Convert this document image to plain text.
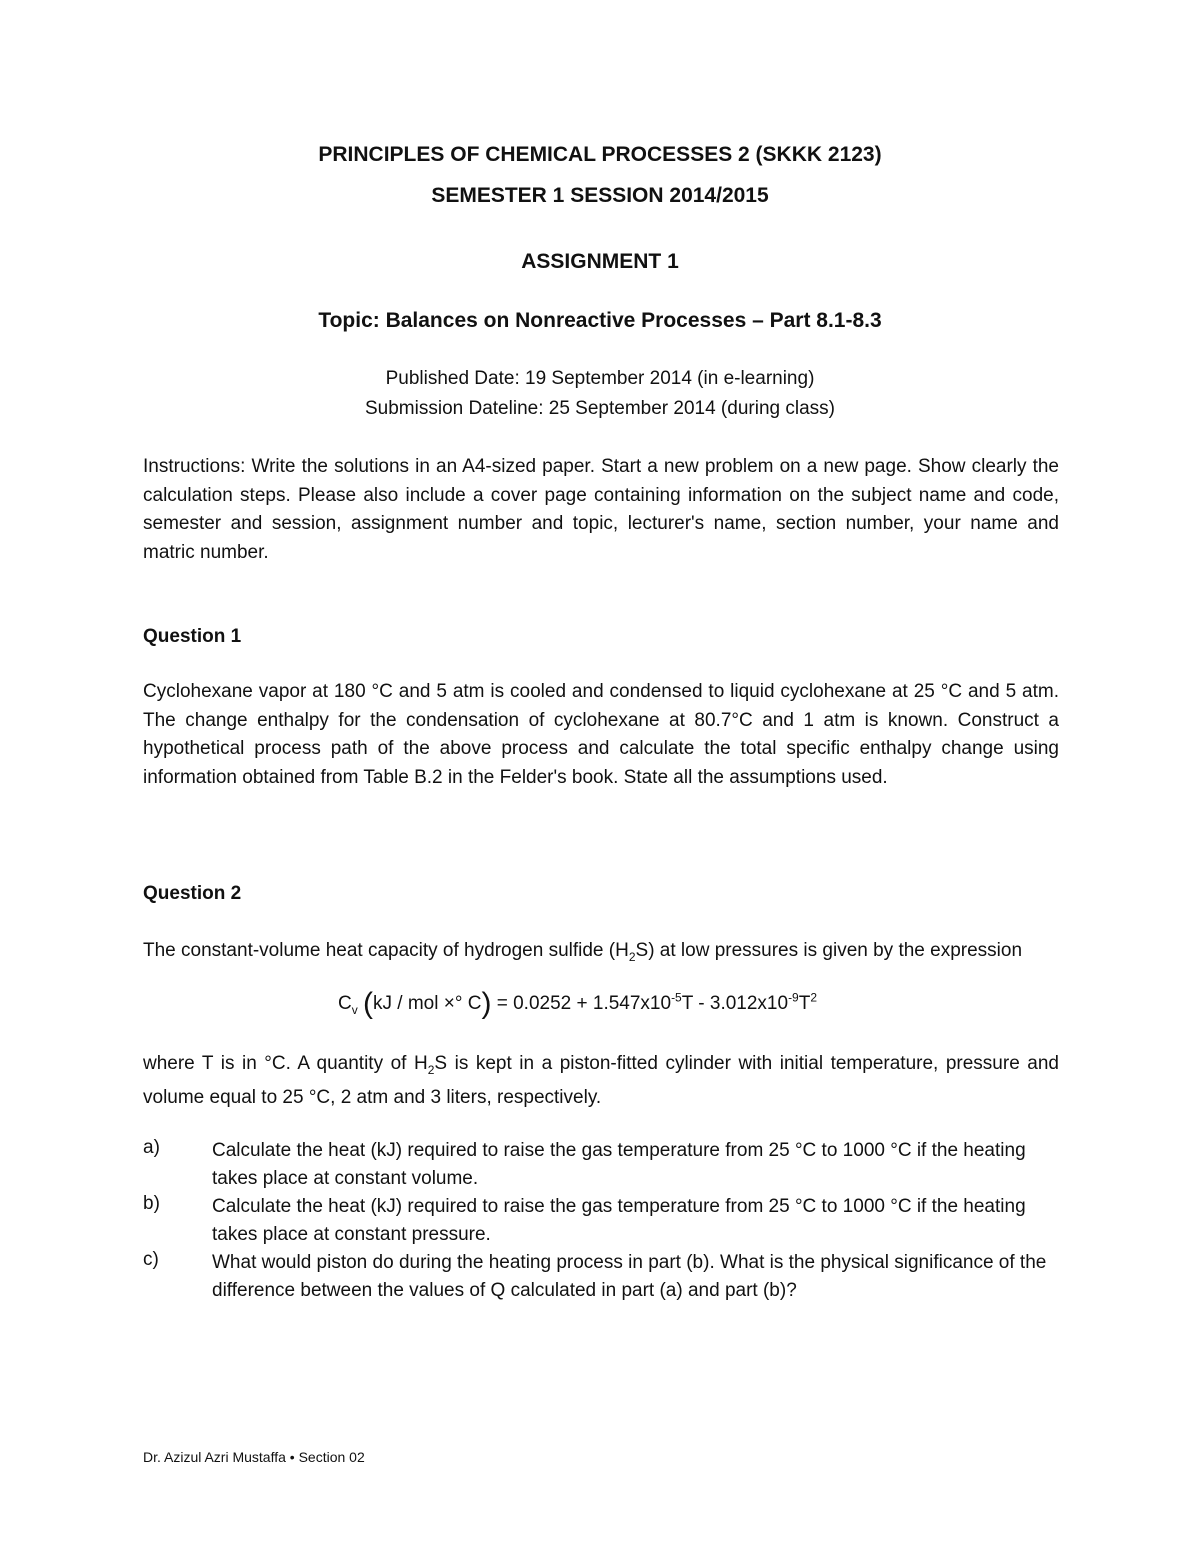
PRINCIPLES OF CHEMICAL PROCESSES 2 (SKKK 2123)
SEMESTER 1 SESSION 2014/2015
ASSIGNMENT 1
Topic: Balances on Nonreactive Processes – Part 8.1-8.3
Published Date: 19 September 2014 (in e-learning)
Submission Dateline: 25 September 2014 (during class)
Instructions: Write the solutions in an A4-sized paper. Start a new problem on a new page. Show clearly the calculation steps. Please also include a cover page containing information on the subject name and code, semester and session, assignment number and topic, lecturer's name, section number, your name and matric number.
Question 1
Cyclohexane vapor at 180 °C and 5 atm is cooled and condensed to liquid cyclohexane at 25 °C and 5 atm. The change enthalpy for the condensation of cyclohexane at 80.7°C and 1 atm is known. Construct a hypothetical process path of the above process and calculate the total specific enthalpy change using information obtained from Table B.2 in the Felder's book. State all the assumptions used.
Question 2
The constant-volume heat capacity of hydrogen sulfide $(H_2S)$ at low pressures is given by the expression
$C_v$ (kJ / mol ×° $C) = 0.0252 + 1.547x10^{-5}T - 3.012x10^{-9}T^2$
where T is in °C. A quantity of $H_2S$ is kept in a piston-fitted cylinder with initial temperature, pressure and volume equal to 25 °C, 2 atm and 3 liters, respectively.
a)	Calculate the heat (kJ) required to raise the gas temperature from 25 °C to 1000 °C if the heating takes place at constant volume.
b)	Calculate the heat (kJ) required to raise the gas temperature from 25 °C to 1000 °C if the heating takes place at constant pressure.
c)	What would piston do during the heating process in part (b). What is the physical significance of the difference between the values of Q calculated in part (a) and part (b)?
Dr. Azizul Azri Mustaffa • Section 02
